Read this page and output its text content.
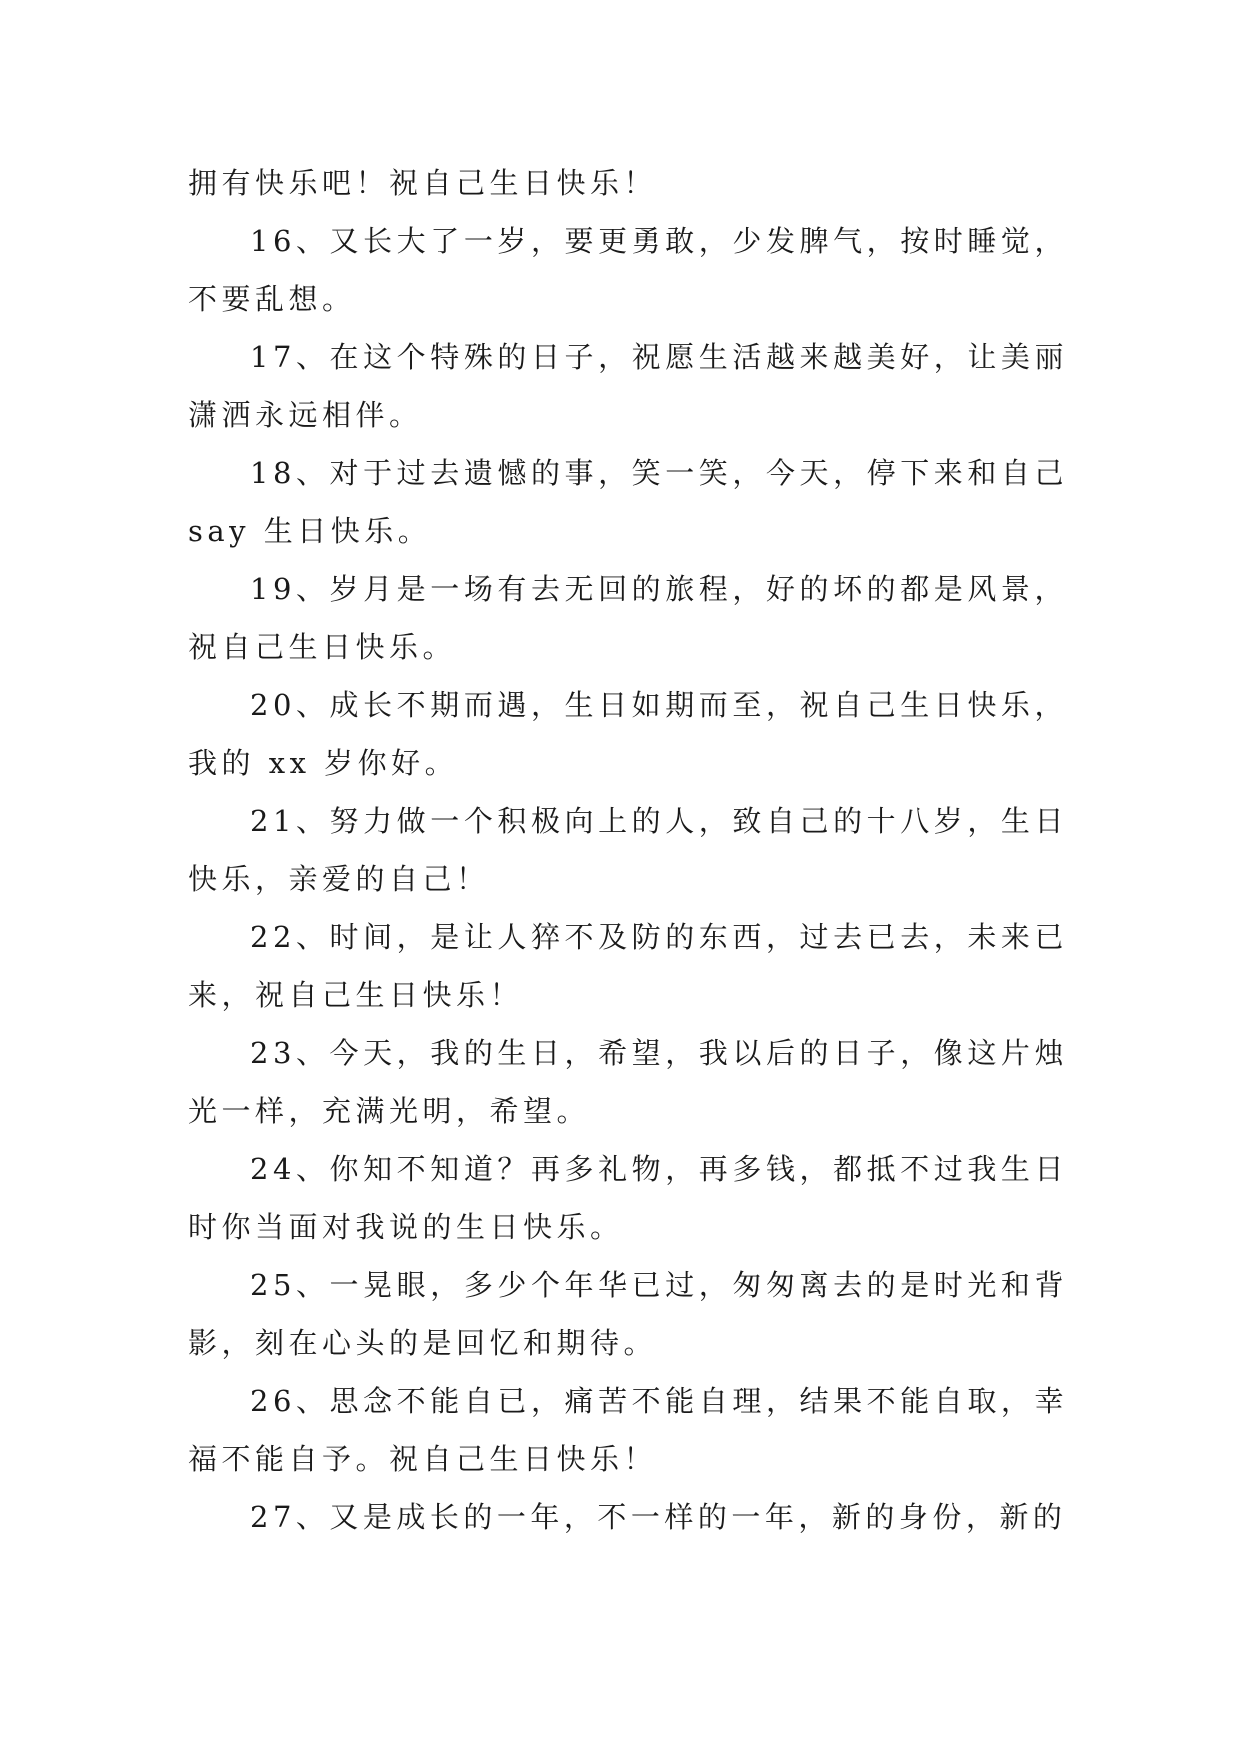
拥有快乐吧！祝自己生日快乐！

16、又长大了一岁，要更勇敢，少发脾气，按时睡觉，不要乱想。

17、在这个特殊的日子，祝愿生活越来越美好，让美丽潇洒永远相伴。

18、对于过去遗憾的事，笑一笑，今天，停下来和自己say 生日快乐。

19、岁月是一场有去无回的旅程，好的坏的都是风景，祝自己生日快乐。

20、成长不期而遇，生日如期而至，祝自己生日快乐，我的 xx 岁你好。

21、努力做一个积极向上的人，致自己的十八岁，生日快乐，亲爱的自己！

22、时间，是让人猝不及防的东西，过去已去，未来已来，祝自己生日快乐！

23、今天，我的生日，希望，我以后的日子，像这片烛光一样，充满光明，希望。

24、你知不知道？再多礼物，再多钱，都抵不过我生日时你当面对我说的生日快乐。

25、一晃眼，多少个年华已过，匆匆离去的是时光和背影，刻在心头的是回忆和期待。

26、思念不能自已，痛苦不能自理，结果不能自取，幸福不能自予。祝自己生日快乐！

27、又是成长的一年，不一样的一年，新的身份，新的
